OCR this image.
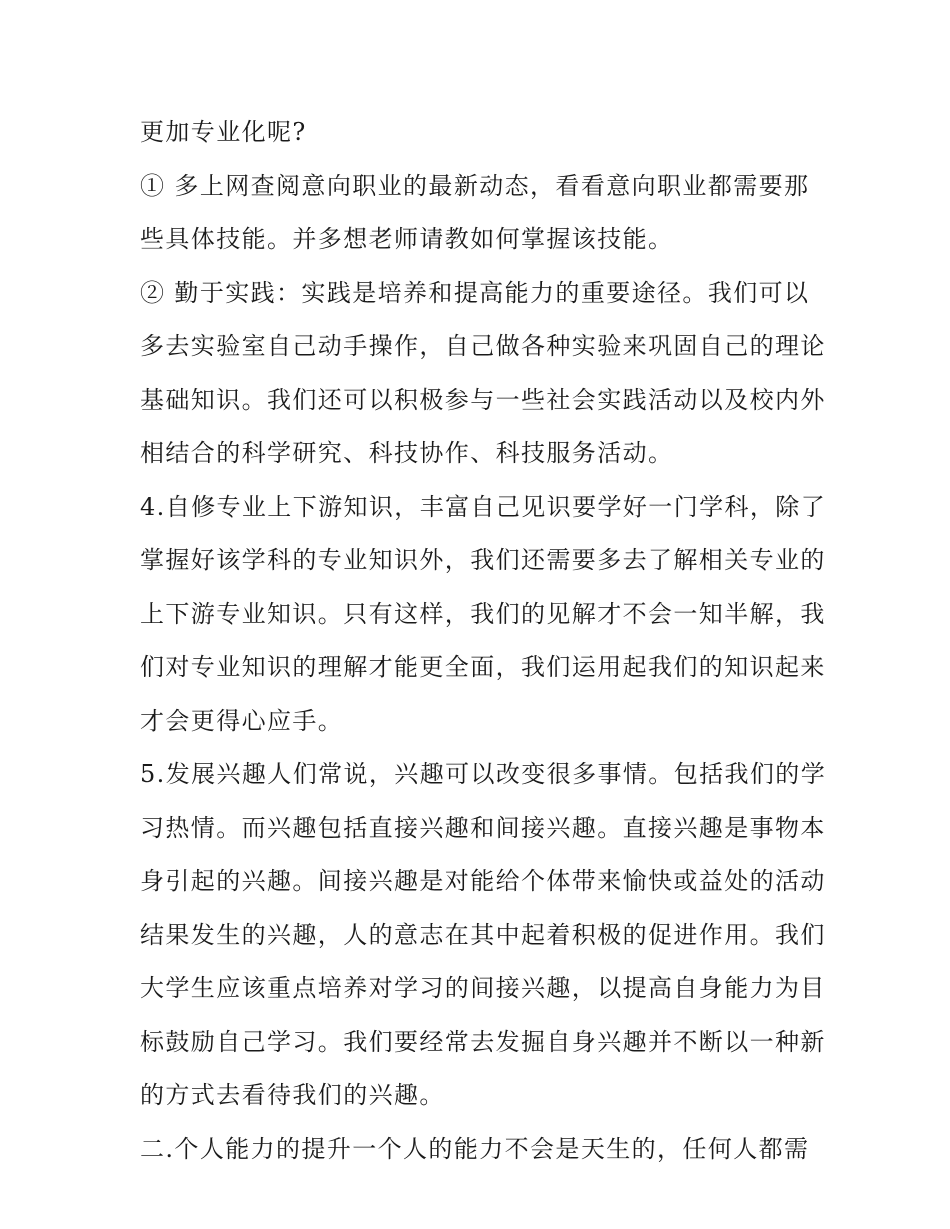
更加专业化呢?

① 多上网查阅意向职业的最新动态，看看意向职业都需要那

些具体技能。并多想老师请教如何掌握该技能。

② 勤于实践：实践是培养和提高能力的重要途径。我们可以

多去实验室自己动手操作，自己做各种实验来巩固自己的理论

基础知识。我们还可以积极参与一些社会实践活动以及校内外

相结合的科学研究、科技协作、科技服务活动。

4.自修专业上下游知识，丰富自己见识要学好一门学科，除了

掌握好该学科的专业知识外，我们还需要多去了解相关专业的

上下游专业知识。只有这样，我们的见解才不会一知半解，我

们对专业知识的理解才能更全面，我们运用起我们的知识起来

才会更得心应手。

5.发展兴趣人们常说，兴趣可以改变很多事情。包括我们的学

习热情。而兴趣包括直接兴趣和间接兴趣。直接兴趣是事物本

身引起的兴趣。间接兴趣是对能给个体带来愉快或益处的活动

结果发生的兴趣，人的意志在其中起着积极的促进作用。我们

大学生应该重点培养对学习的间接兴趣，以提高自身能力为目

标鼓励自己学习。我们要经常去发掘自身兴趣并不断以一种新

的方式去看待我们的兴趣。

二.个人能力的提升一个人的能力不会是天生的，任何人都需
